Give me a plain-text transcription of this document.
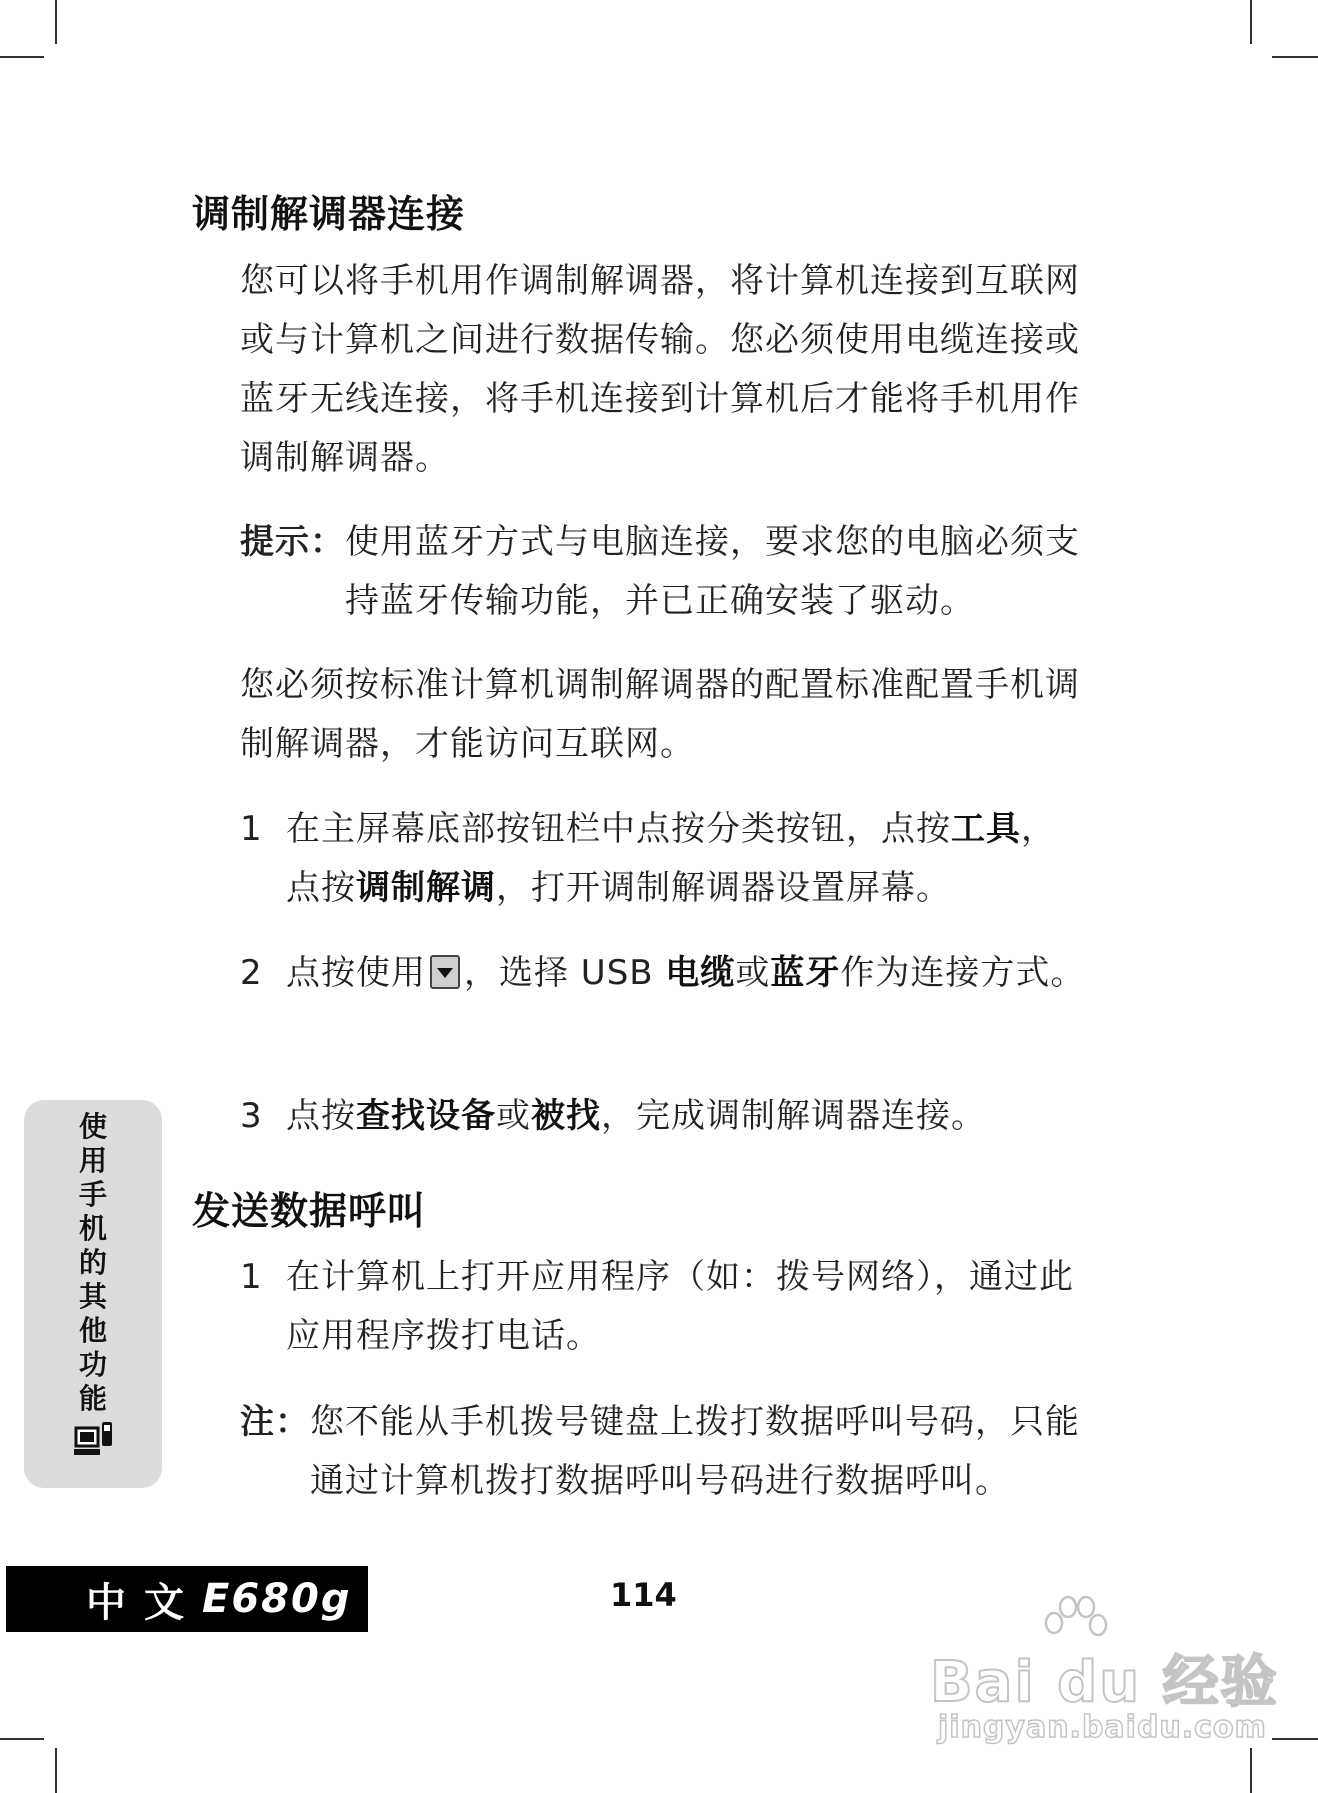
调制解调器连接
您可以将手机用作调制解调器，将计算机连接到互联网或与计算机之间进行数据传输。您必须使用电缆连接或蓝牙无线连接，将手机连接到计算机后才能将手机用作调制解调器。
提示： 使用蓝牙方式与电脑连接，要求您的电脑必须支持蓝牙传输功能，并已正确安装了驱动。
您必须按标准计算机调制解调器的配置标准配置手机调制解调器，才能访问互联网。
1 在主屏幕底部按钮栏中点按分类按钮，点按工具，点按调制解调，打开调制解调器设置屏幕。
2 点按使用 ，选择 USB 电缆或蓝牙作为连接方式。
3 点按查找设备或被找，完成调制解调器连接。
发送数据呼叫
1 在计算机上打开应用程序（如：拨号网络），通过此应用程序拨打电话。
注： 您不能从手机拨号键盘上拨打数据呼叫号码，只能通过计算机拨打数据呼叫号码进行数据呼叫。
使
用
手
机
的
其
他
功
能
中文 E680g	114
Bai du 经验
jingyan.baidu.com
